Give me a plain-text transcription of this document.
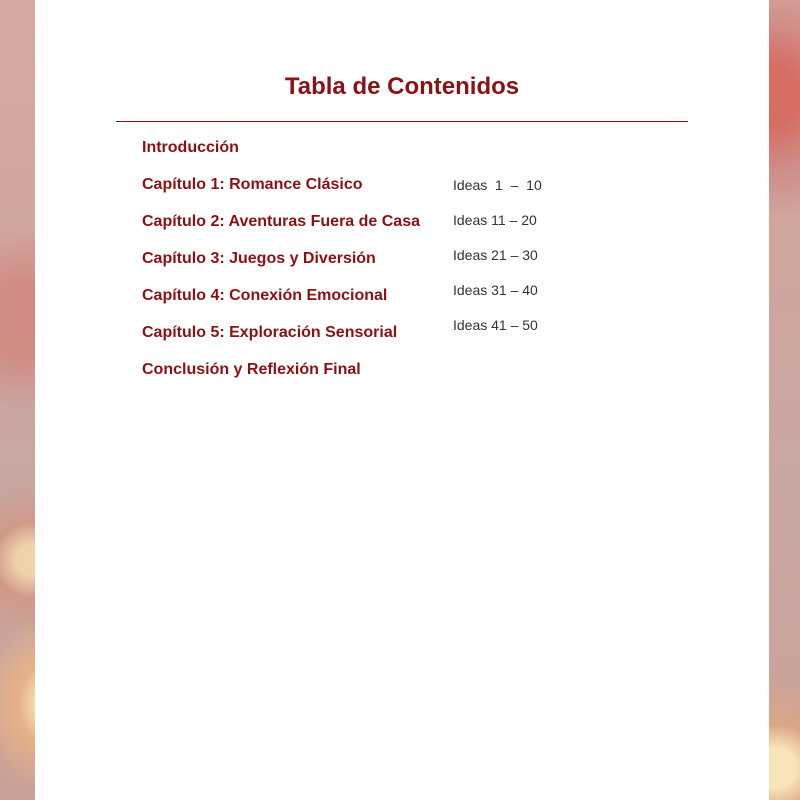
Tabla de Contenidos
Introducción
Capítulo 1: Romance Clásico	Ideas  1  –  10
Capítulo 2: Aventuras Fuera de Casa Ideas 11 – 20
Capítulo 3: Juegos y Diversión	Ideas 21 – 30
Capítulo 4: Conexión Emocional	Ideas 31 – 40
Capítulo 5: Exploración Sensorial	Ideas 41 – 50
Conclusión y Reflexión Final
